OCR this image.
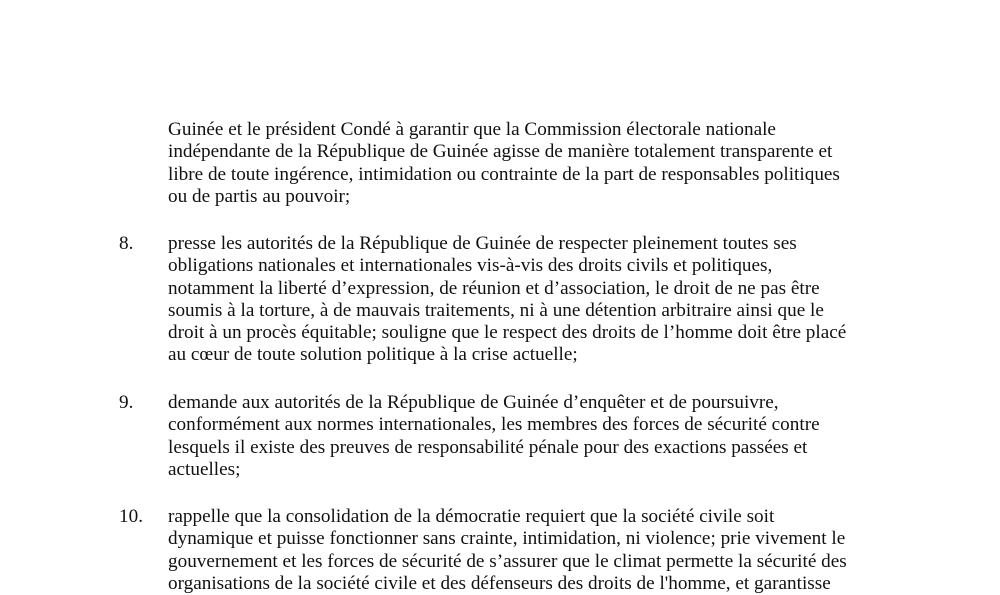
Guinée et le président Condé à garantir que la Commission électorale nationale
indépendante de la République de Guinée agisse de manière totalement transparente et
libre de toute ingérence, intimidation ou contrainte de la part de responsables politiques
ou de partis au pouvoir;
8. presse les autorités de la République de Guinée de respecter pleinement toutes ses
obligations nationales et internationales vis-à-vis des droits civils et politiques,
notamment la liberté d’expression, de réunion et d’association, le droit de ne pas être
soumis à la torture, à de mauvais traitements, ni à une détention arbitraire ainsi que le
droit à un procès équitable; souligne que le respect des droits de l’homme doit être placé
au cœur de toute solution politique à la crise actuelle;
9. demande aux autorités de la République de Guinée d’enquêter et de poursuivre,
conformément aux normes internationales, les membres des forces de sécurité contre
lesquels il existe des preuves de responsabilité pénale pour des exactions passées et
actuelles;
10. rappelle que la consolidation de la démocratie requiert que la société civile soit
dynamique et puisse fonctionner sans crainte, intimidation, ni violence; prie vivement le
gouvernement et les forces de sécurité de s’assurer que le climat permette la sécurité des
organisations de la société civile et des défenseurs des droits de l'homme, et garantisse
